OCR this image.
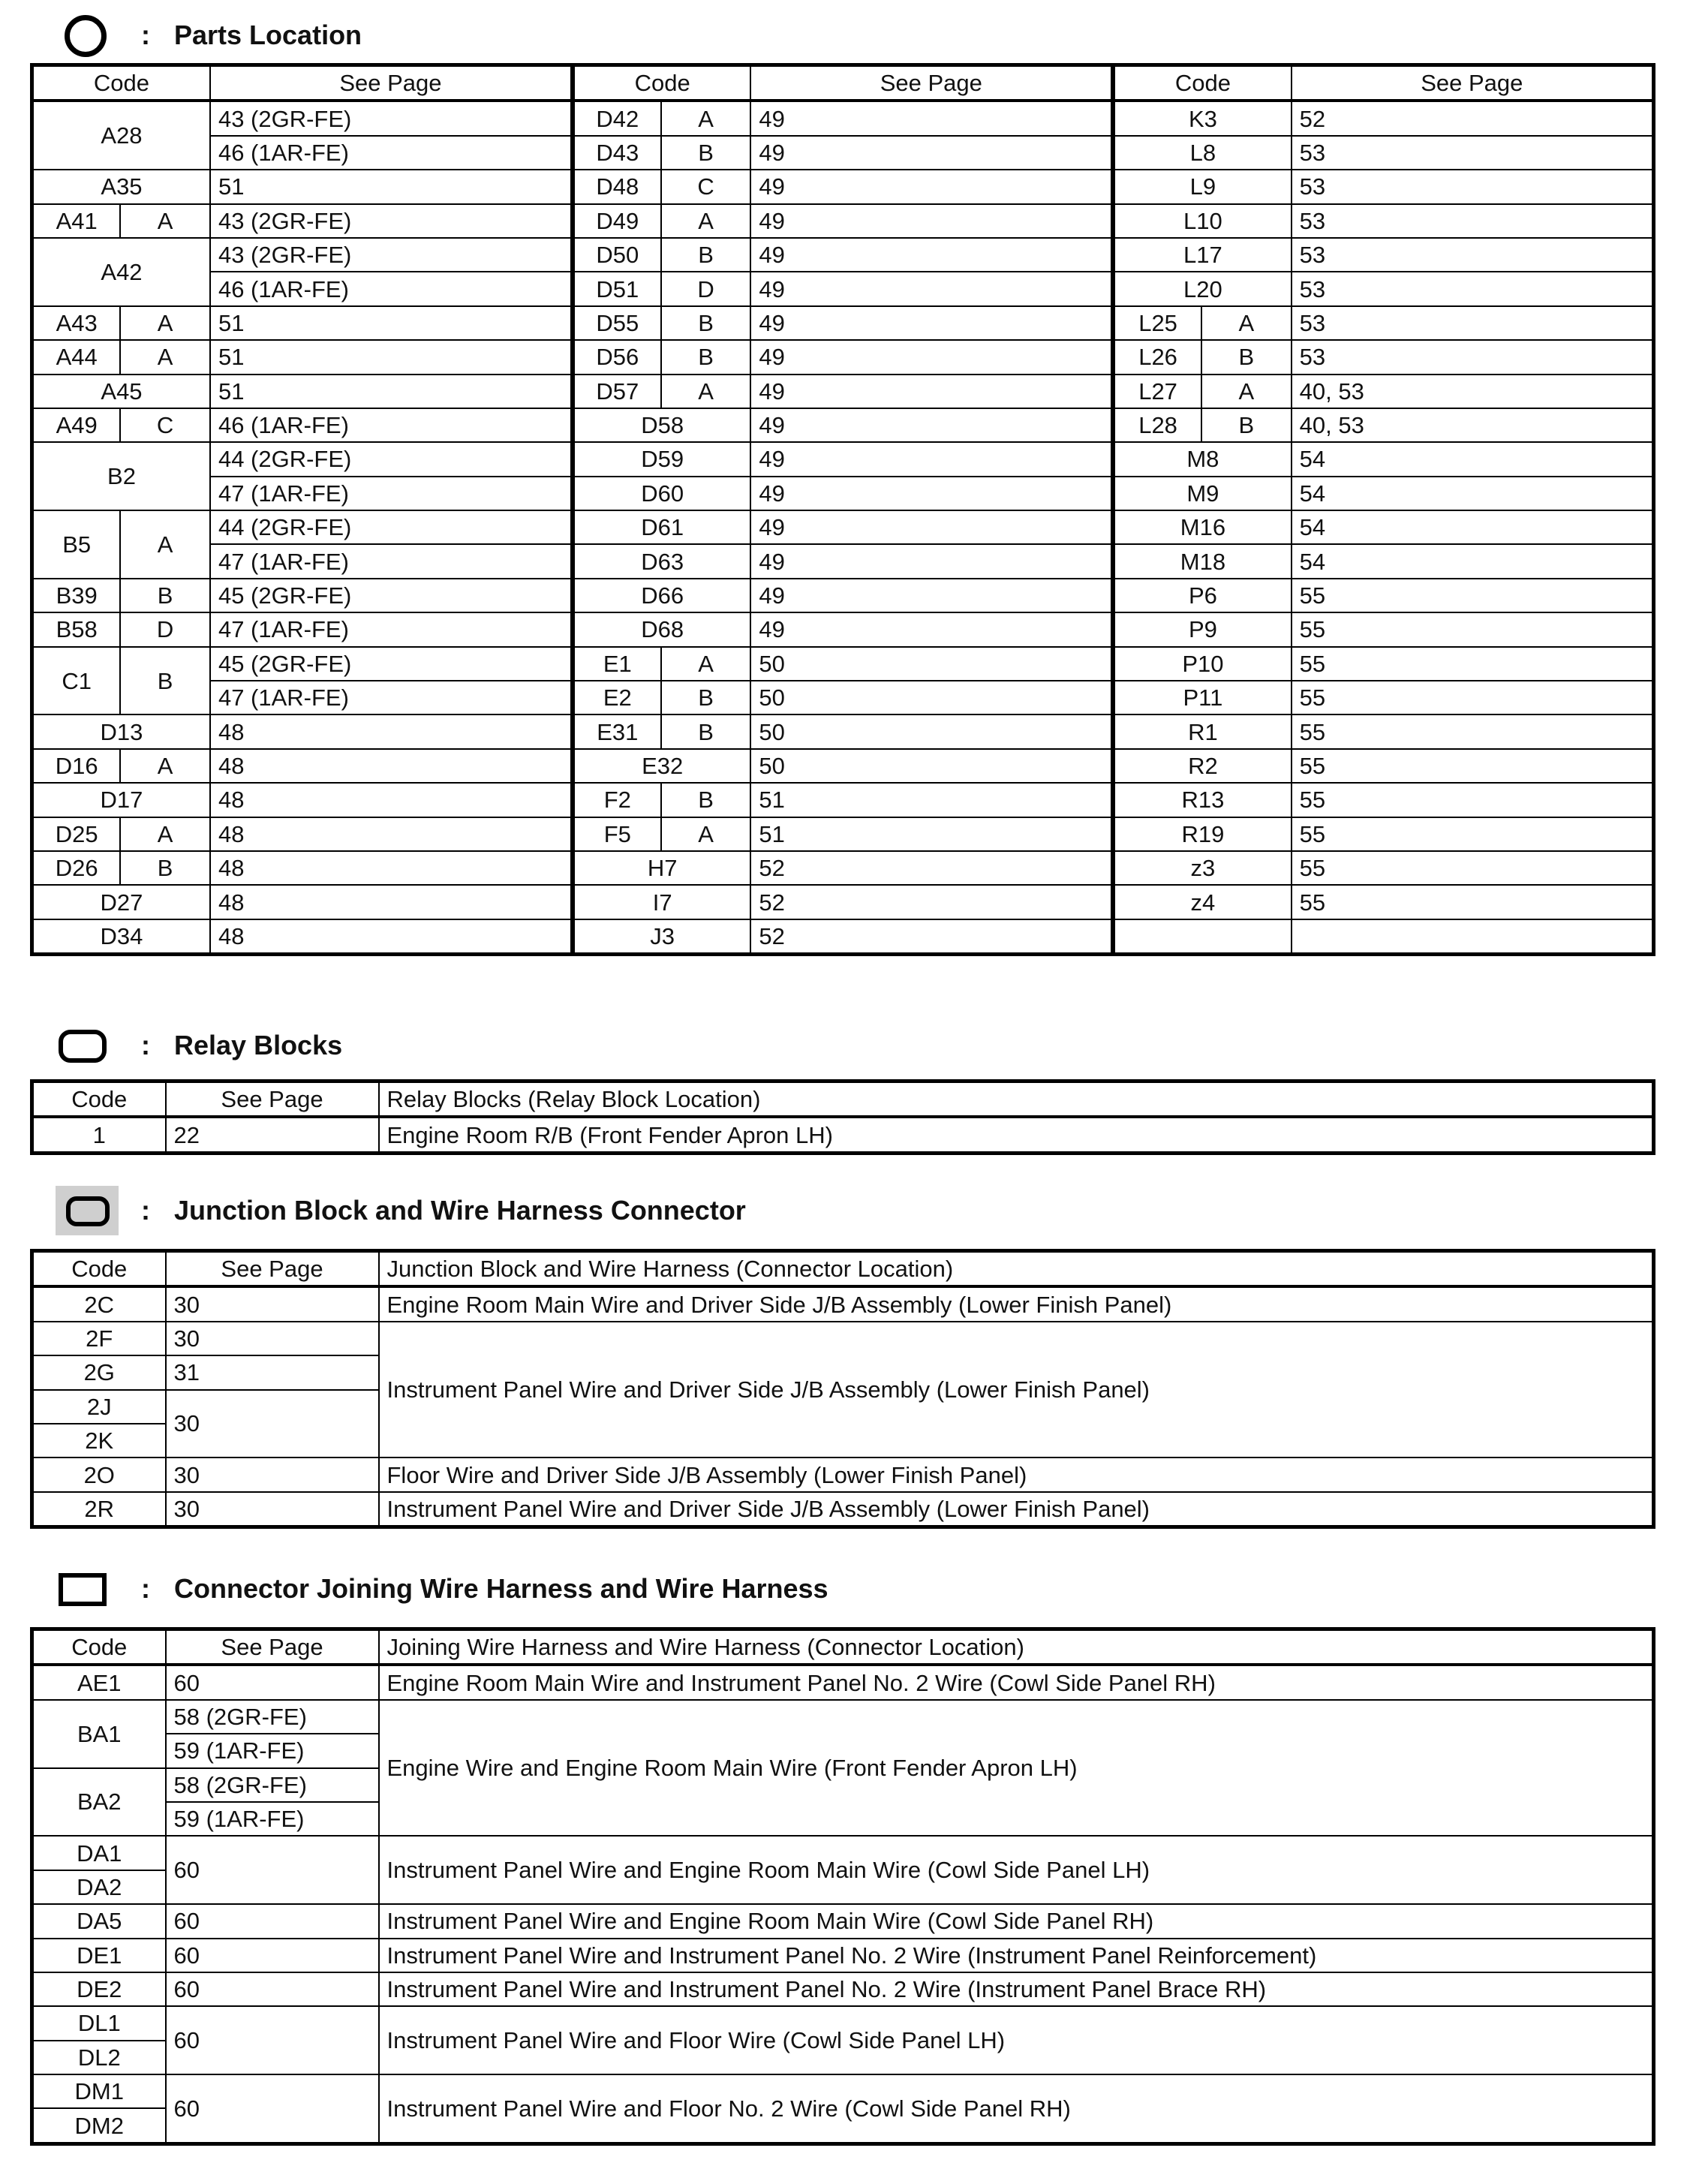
: Parts Location
Code		See Page	Code		See Page	Code		See Page
A28		43 (2GR-FE)	D42	A	49	K3		52
		46 (1AR-FE)	D43	B	49	L8		53
A35		51	D48	C	49	L9		53
A41	A	43 (2GR-FE)	D49	A	49	L10		53
A42		43 (2GR-FE)	D50	B	49	L17		53
		46 (1AR-FE)	D51	D	49	L20		53
A43	A	51	D55	B	49	L25	A	53
A44	A	51	D56	B	49	L26	B	53
A45		51	D57	A	49	L27	A	40, 53
A49	C	46 (1AR-FE)	D58		49	L28	B	40, 53
B2		44 (2GR-FE)	D59		49	M8		54
		47 (1AR-FE)	D60		49	M9		54
B5	A	44 (2GR-FE)	D61		49	M16		54
		47 (1AR-FE)	D63		49	M18		54
B39	B	45 (2GR-FE)	D66		49	P6		55
B58	D	47 (1AR-FE)	D68		49	P9		55
C1	B	45 (2GR-FE)	E1	A	50	P10		55
		47 (1AR-FE)	E2	B	50	P11		55
D13		48	E31	B	50	R1		55
D16	A	48	E32		50	R2		55
D17		48	F2	B	51	R13		55
D25	A	48	F5	A	51	R19		55
D26	B	48	H7		52	z3		55
D27		48	I7		52	z4		55
D34		48	J3		52			
: Relay Blocks
Code	See Page	Relay Blocks (Relay Block Location)
1	22	Engine Room R/B (Front Fender Apron LH)
: Junction Block and Wire Harness Connector
Code	See Page	Junction Block and Wire Harness (Connector Location)
2C	30	Engine Room Main Wire and Driver Side J/B Assembly (Lower Finish Panel)
2F	30	Instrument Panel Wire and Driver Side J/B Assembly (Lower Finish Panel)
2G	31	
2J	30	
2K		
2O	30	Floor Wire and Driver Side J/B Assembly (Lower Finish Panel)
2R	30	Instrument Panel Wire and Driver Side J/B Assembly (Lower Finish Panel)
: Connector Joining Wire Harness and Wire Harness
Code	See Page	Joining Wire Harness and Wire Harness (Connector Location)
AE1	60	Engine Room Main Wire and Instrument Panel No. 2 Wire (Cowl Side Panel RH)
BA1	58 (2GR-FE)	Engine Wire and Engine Room Main Wire (Front Fender Apron LH)
	59 (1AR-FE)	
BA2	58 (2GR-FE)	
	59 (1AR-FE)	
DA1	60	Instrument Panel Wire and Engine Room Main Wire (Cowl Side Panel LH)
DA2		
DA5	60	Instrument Panel Wire and Engine Room Main Wire (Cowl Side Panel RH)
DE1	60	Instrument Panel Wire and Instrument Panel No. 2 Wire (Instrument Panel Reinforcement)
DE2	60	Instrument Panel Wire and Instrument Panel No. 2 Wire (Instrument Panel Brace RH)
DL1	60	Instrument Panel Wire and Floor Wire (Cowl Side Panel LH)
DL2		
DM1	60	Instrument Panel Wire and Floor No. 2 Wire (Cowl Side Panel RH)
DM2		
